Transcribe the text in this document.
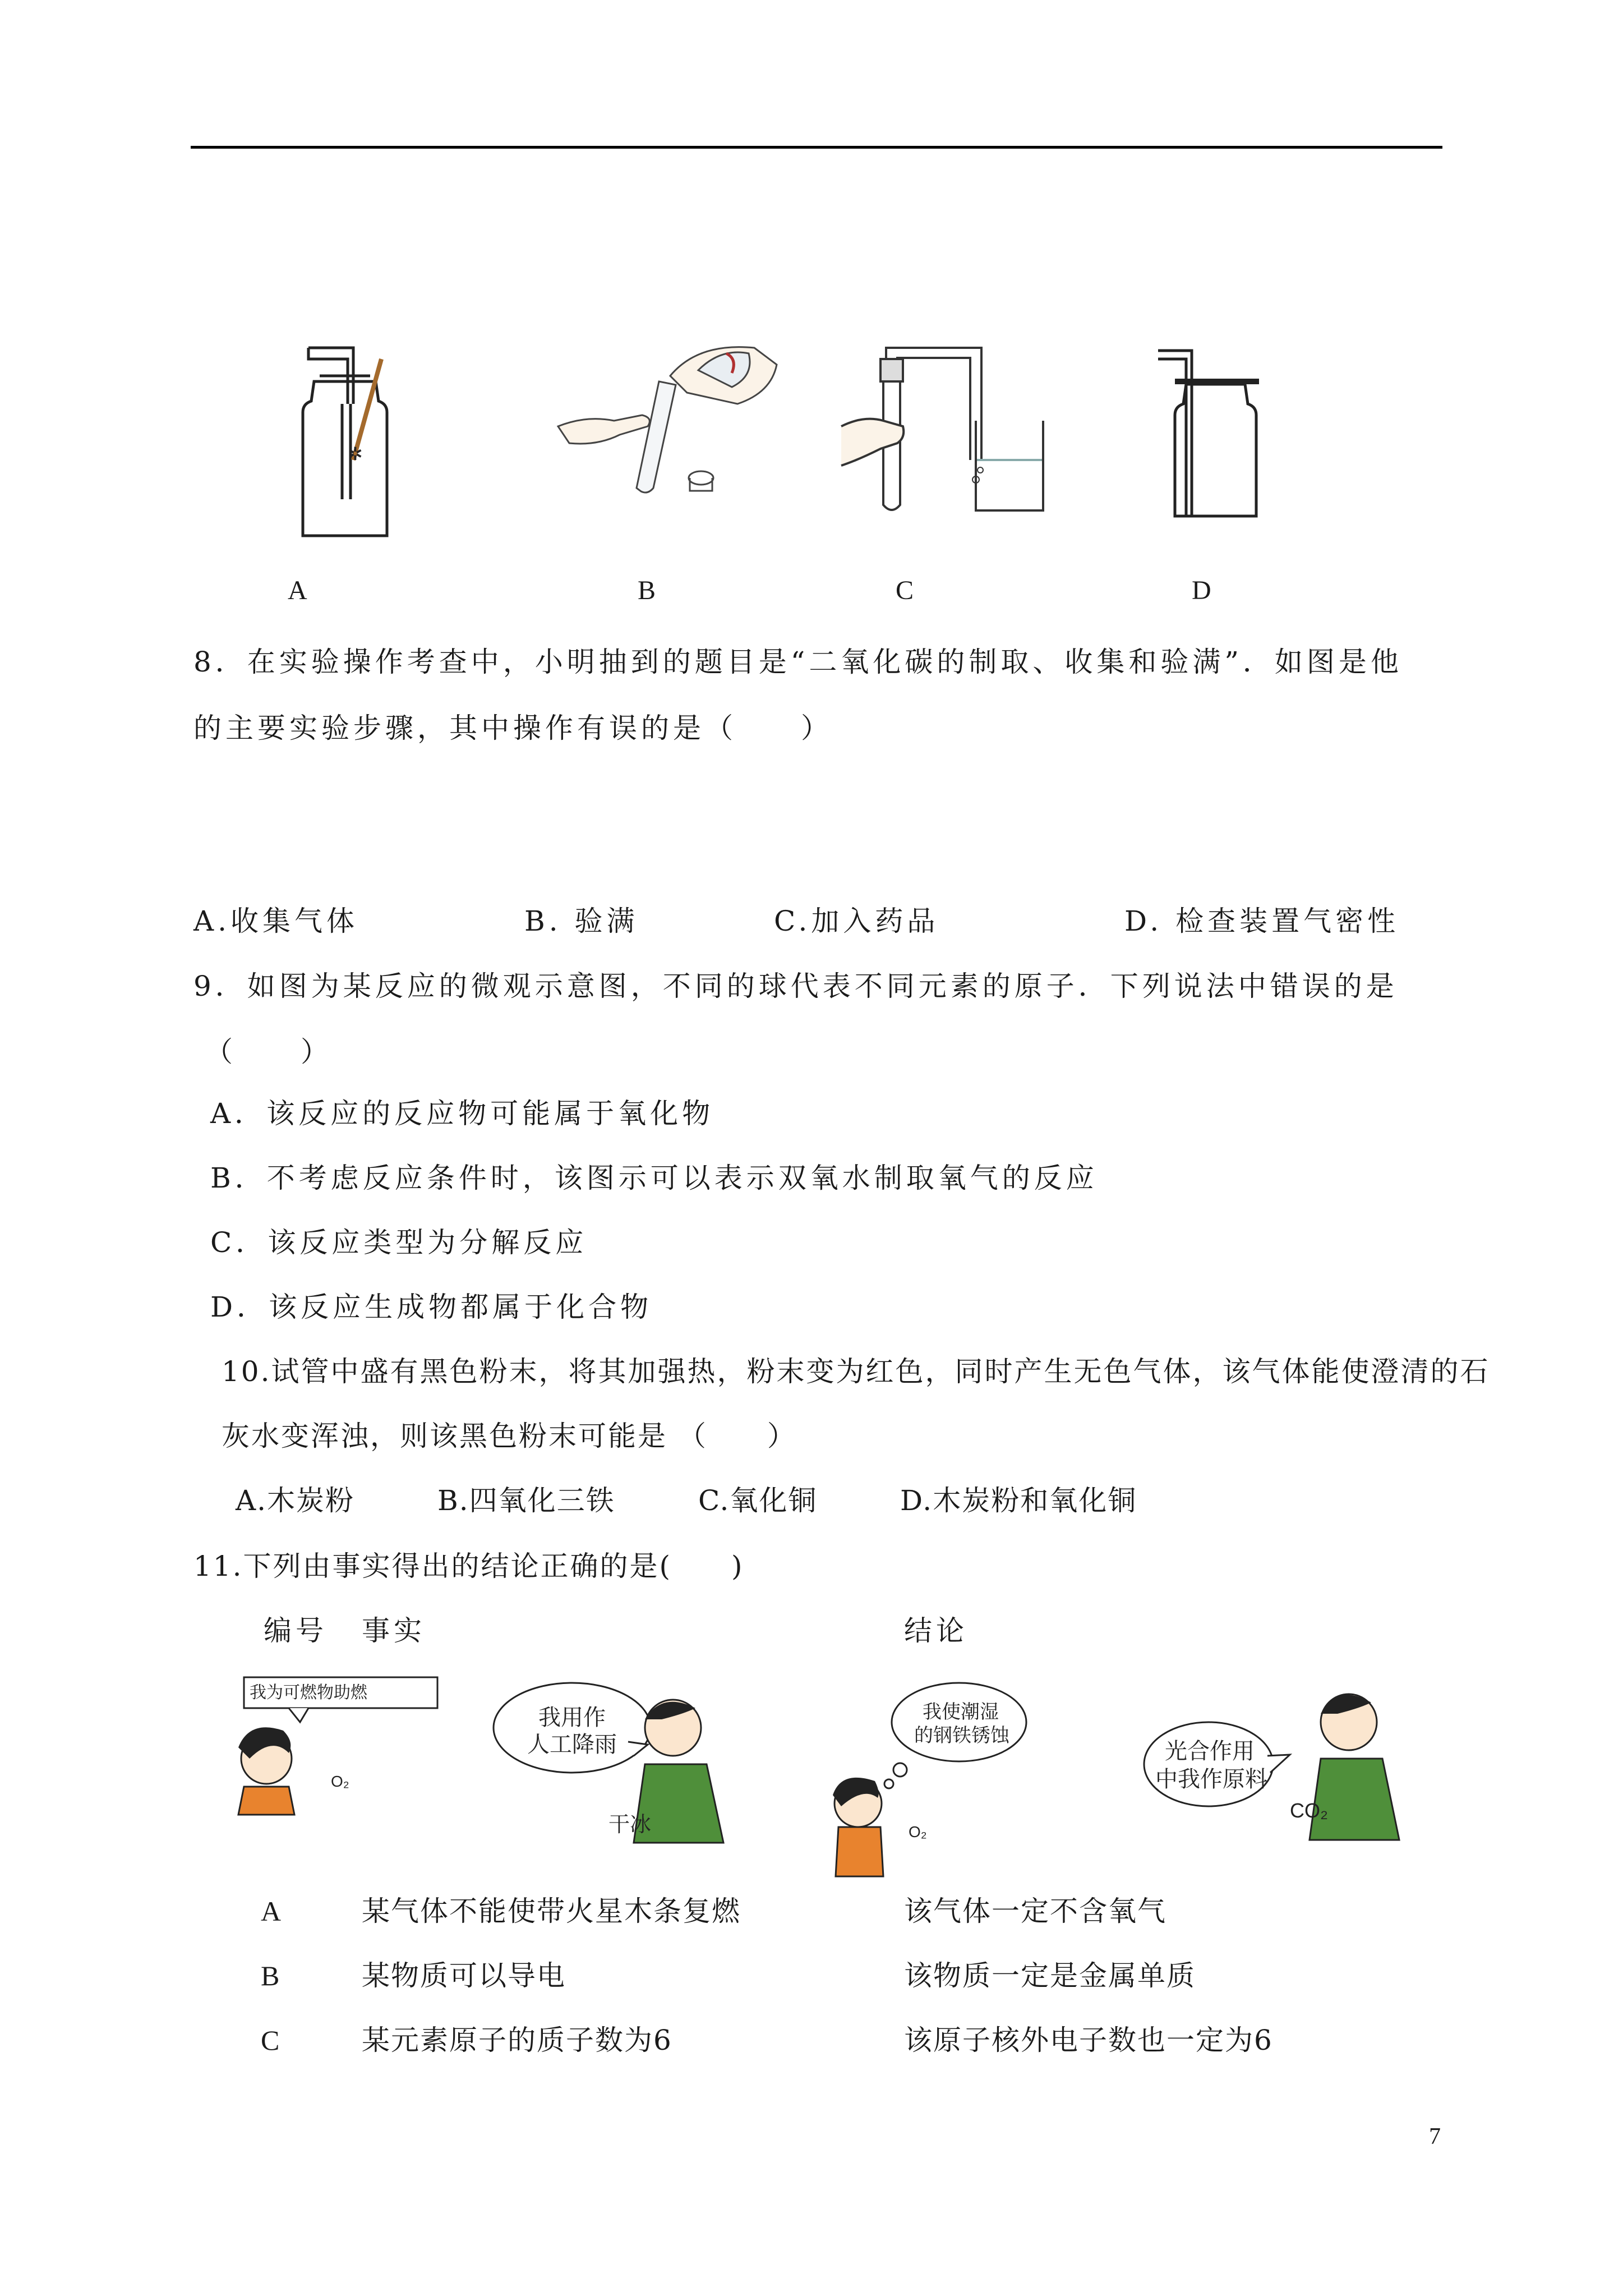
✲
A	B	C	D
8．在实验操作考查中，小明抽到的题目是“二氧化碳的制取、收集和验满”．如图是他
的主要实验步骤，其中操作有误的是（　　）
A.收集气体	B. 验满	C.加入药品	D. 检查装置气密性
9．如图为某反应的微观示意图，不同的球代表不同元素的原子．下列说法中错误的是
（　　）
A．该反应的反应物可能属于氧化物
B．不考虑反应条件时，该图示可以表示双氧水制取氧气的反应
C．该反应类型为分解反应
D．该反应生成物都属于化合物
10.试管中盛有黑色粉末，将其加强热，粉末变为红色，同时产生无色气体，该气体能使澄清的石
灰水变浑浊，则该黑色粉末可能是 （　　）
A.木炭粉	B.四氧化三铁	C.氧化铜	D.木炭粉和氧化铜
11.下列由事实得出的结论正确的是(　　)
编号 事实	结论
O₂
我为可燃物助燃
我用作
人工降雨
干冰
我使潮湿
的钢铁锈蚀
O₂
光合作用
中我作原料
CO₂
A	某气体不能使带火星木条复燃	该气体一定不含氧气
B	某物质可以导电	该物质一定是金属单质
C	某元素原子的质子数为6	该原子核外电子数也一定为6
7
